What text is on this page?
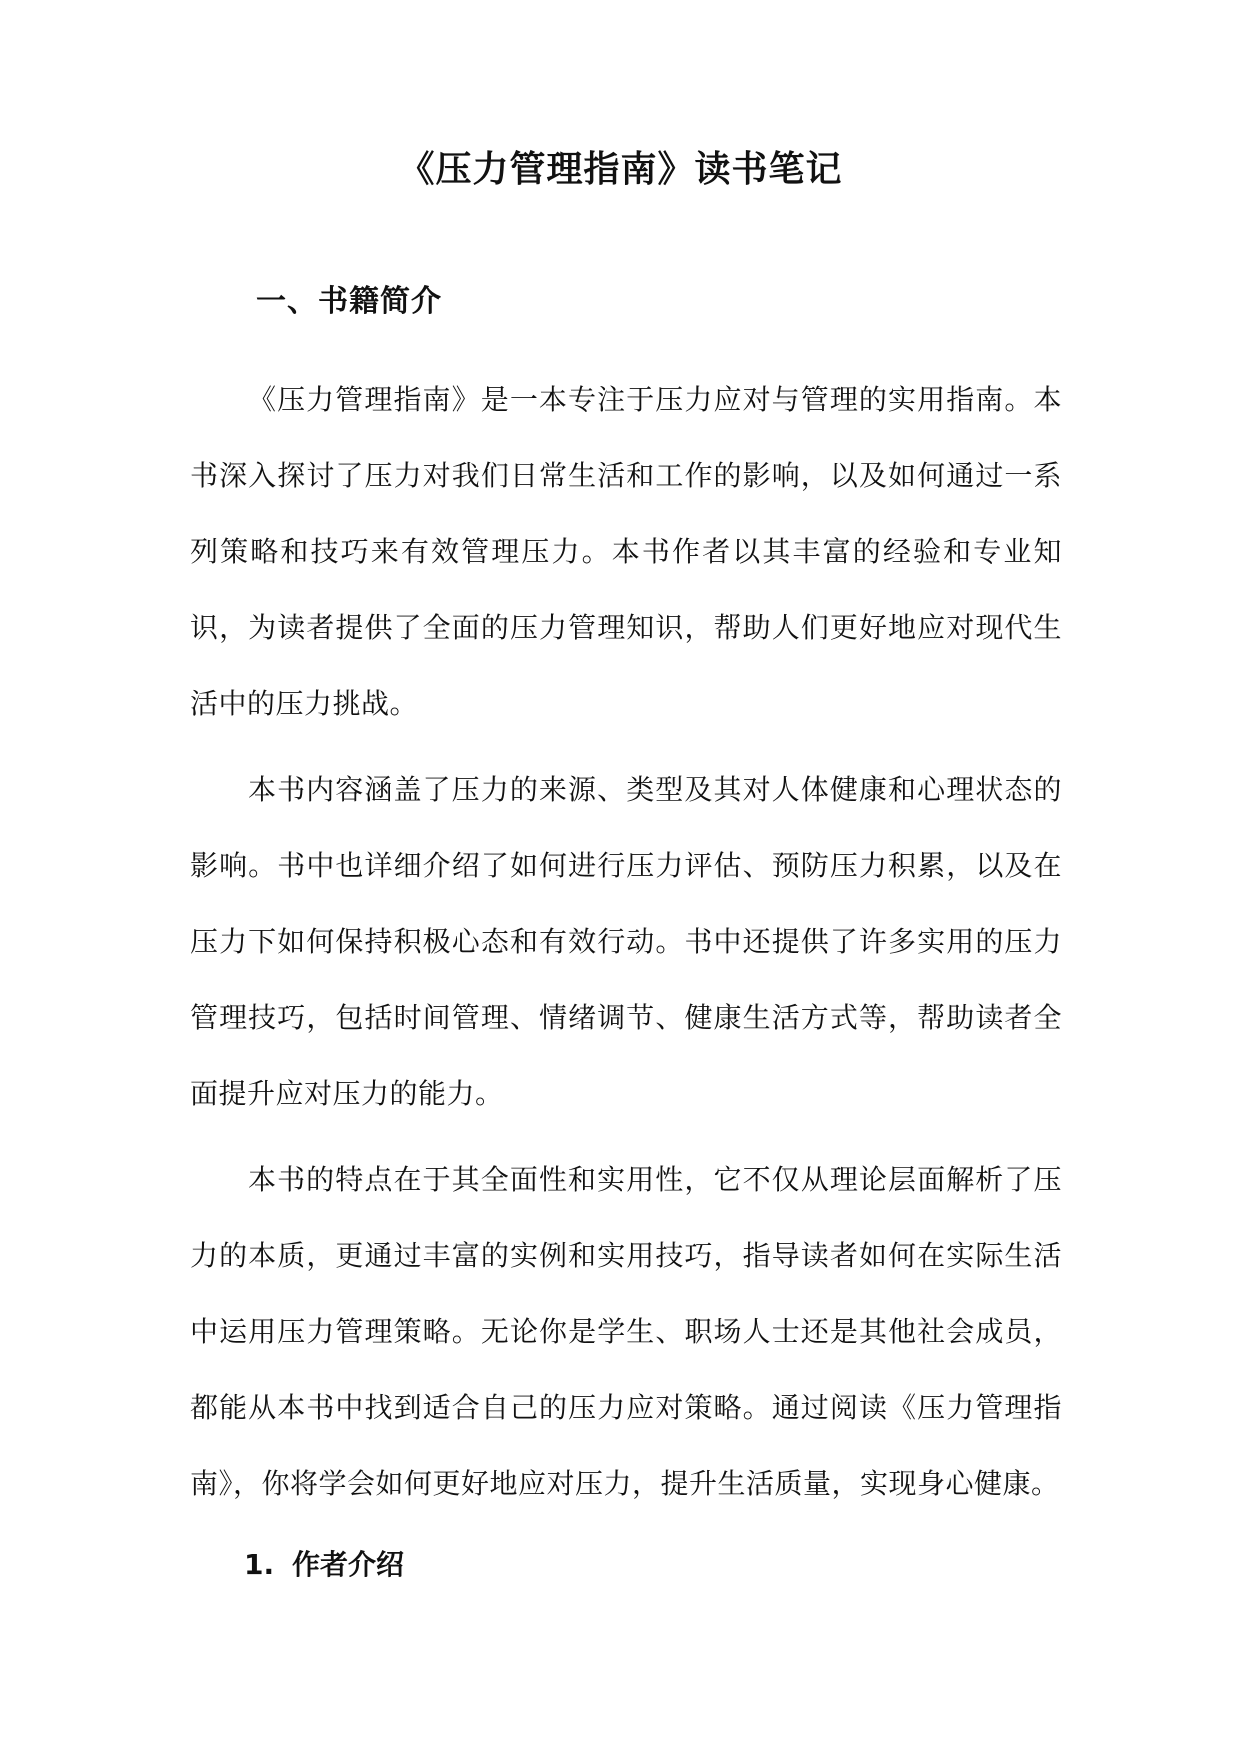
《压力管理指南》读书笔记
一、书籍简介

《压力管理指南》是一本专注于压力应对与管理的实用指南。本书深入探讨了压力对我们日常生活和工作的影响，以及如何通过一系列策略和技巧来有效管理压力。本书作者以其丰富的经验和专业知识，为读者提供了全面的压力管理知识，帮助人们更好地应对现代生活中的压力挑战。

本书内容涵盖了压力的来源、类型及其对人体健康和心理状态的影响。书中也详细介绍了如何进行压力评估、预防压力积累，以及在压力下如何保持积极心态和有效行动。书中还提供了许多实用的压力管理技巧，包括时间管理、情绪调节、健康生活方式等，帮助读者全面提升应对压力的能力。

本书的特点在于其全面性和实用性，它不仅从理论层面解析了压力的本质，更通过丰富的实例和实用技巧，指导读者如何在实际生活中运用压力管理策略。无论你是学生、职场人士还是其他社会成员，都能从本书中找到适合自己的压力应对策略。通过阅读《压力管理指南》，你将学会如何更好地应对压力，提升生活质量，实现身心健康。

1. 作者介绍
